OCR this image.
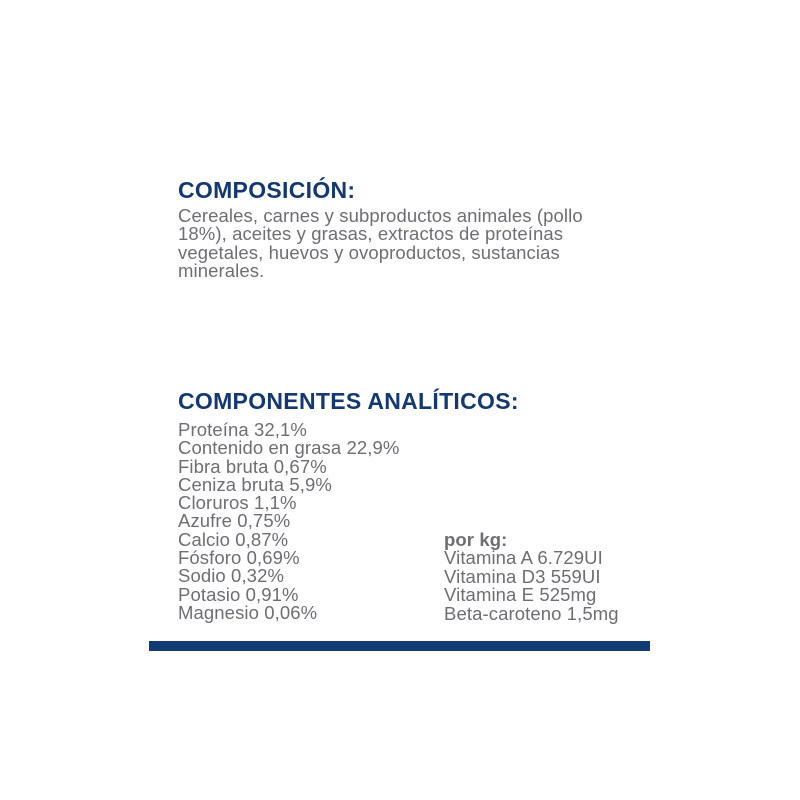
COMPOSICIÓN:
Cereales, carnes y subproductos animales (pollo
18%), aceites y grasas, extractos de proteínas
vegetales, huevos y ovoproductos, sustancias
minerales.
COMPONENTES ANALÍTICOS:
Proteína 32,1%
Contenido en grasa 22,9%
Fibra bruta 0,67%
Ceniza bruta 5,9%
Cloruros 1,1%
Azufre 0,75%
Calcio 0,87%
Fósforo 0,69%
Sodio 0,32%
Potasio 0,91%
Magnesio 0,06%
por kg:
Vitamina A 6.729UI
Vitamina D3 559UI
Vitamina E 525mg
Beta-caroteno 1,5mg
